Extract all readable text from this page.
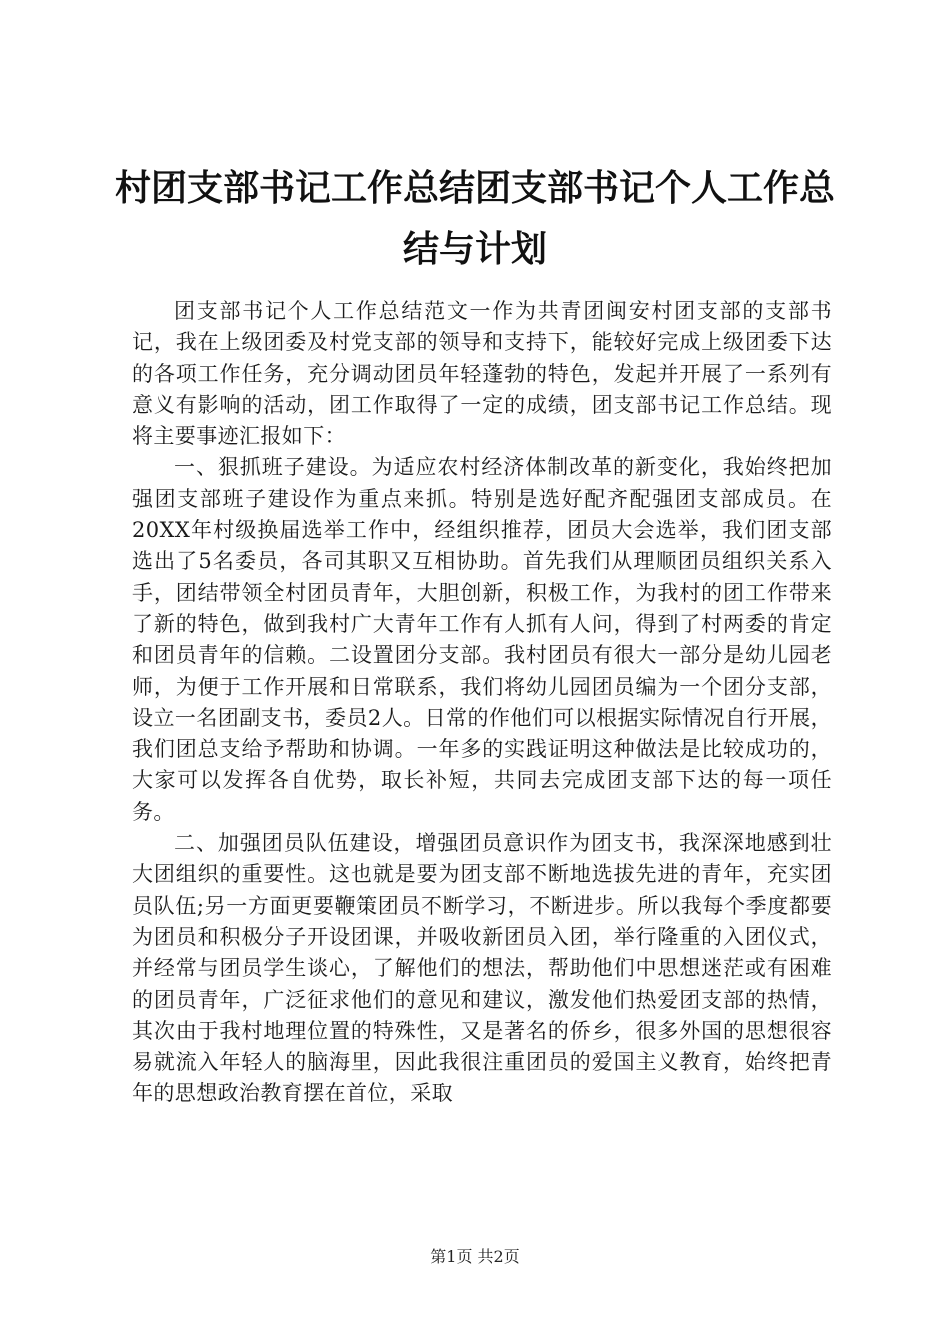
村团支部书记工作总结团支部书记个人工作总
结与计划

团支部书记个人工作总结范文一作为共青团闽安村团支部的支部书记，我在上级团委及村党支部的领导和支持下，能较好完成上级团委下达的各项工作任务，充分调动团员年轻蓬勃的特色，发起并开展了一系列有意义有影响的活动，团工作取得了一定的成绩，团支部书记工作总结。现将主要事迹汇报如下：

一、狠抓班子建设。为适应农村经济体制改革的新变化，我始终把加强团支部班子建设作为重点来抓。特别是选好配齐配强团支部成员。在20XX年村级换届选举工作中，经组织推荐，团员大会选举，我们团支部选出了5名委员，各司其职又互相协助。首先我们从理顺团员组织关系入手，团结带领全村团员青年，大胆创新，积极工作，为我村的团工作带来了新的特色，做到我村广大青年工作有人抓有人问，得到了村两委的肯定和团员青年的信赖。二设置团分支部。我村团员有很大一部分是幼儿园老师，为便于工作开展和日常联系，我们将幼儿园团员编为一个团分支部，设立一名团副支书，委员2人。日常的作他们可以根据实际情况自行开展，我们团总支给予帮助和协调。一年多的实践证明这种做法是比较成功的，大家可以发挥各自优势，取长补短，共同去完成团支部下达的每一项任务。

二、加强团员队伍建设，增强团员意识作为团支书，我深深地感到壮大团组织的重要性。这也就是要为团支部不断地选拔先进的青年，充实团员队伍;另一方面更要鞭策团员不断学习，不断进步。所以我每个季度都要为团员和积极分子开设团课，并吸收新团员入团，举行隆重的入团仪式，并经常与团员学生谈心，了解他们的想法，帮助他们中思想迷茫或有困难的团员青年，广泛征求他们的意见和建议，激发他们热爱团支部的热情，其次由于我村地理位置的特殊性，又是著名的侨乡，很多外国的思想很容易就流入年轻人的脑海里，因此我很注重团员的爱国主义教育，始终把青年的思想政治教育摆在首位，采取

第1页 共2页
